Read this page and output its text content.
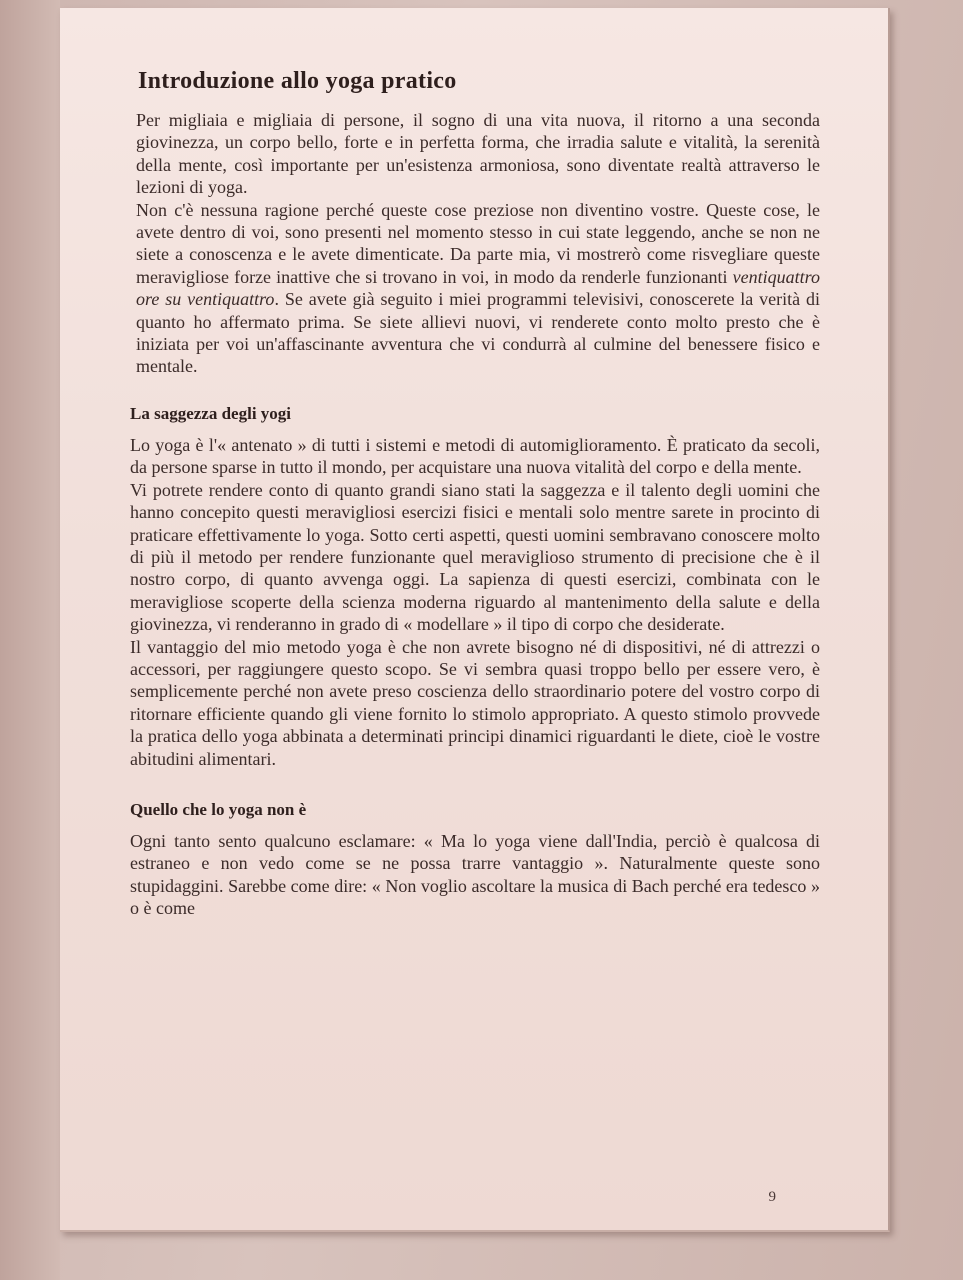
Introduzione allo yoga pratico

Per migliaia e migliaia di persone, il sogno di una vita nuova, il ritorno a una seconda giovinezza, un corpo bello, forte e in perfetta forma, che irradia salute e vitalità, la serenità della mente, così importante per un'esistenza armoniosa, sono diventate realtà attraverso le lezioni di yoga.

Non c'è nessuna ragione perché queste cose preziose non diventino vostre. Queste cose, le avete dentro di voi, sono presenti nel momento stesso in cui state leggendo, anche se non ne siete a conoscenza e le avete dimenticate. Da parte mia, vi mostrerò come risvegliare queste meravigliose forze inattive che si trovano in voi, in modo da renderle funzionanti ventiquattro ore su ventiquattro. Se avete già seguito i miei programmi televisivi, conoscerete la verità di quanto ho affermato prima. Se siete allievi nuovi, vi renderete conto molto presto che è iniziata per voi un'affascinante avventura che vi condurrà al culmine del benessere fisico e mentale.

La saggezza degli yogi

Lo yoga è l'« antenato » di tutti i sistemi e metodi di automiglioramento. È praticato da secoli, da persone sparse in tutto il mondo, per acquistare una nuova vitalità del corpo e della mente.

Vi potrete rendere conto di quanto grandi siano stati la saggezza e il talento degli uomini che hanno concepito questi meravigliosi esercizi fisici e mentali solo mentre sarete in procinto di praticare effettivamente lo yoga. Sotto certi aspetti, questi uomini sembravano conoscere molto di più il metodo per rendere funzionante quel meraviglioso strumento di precisione che è il nostro corpo, di quanto avvenga oggi. La sapienza di questi esercizi, combinata con le meravigliose scoperte della scienza moderna riguardo al mantenimento della salute e della giovinezza, vi renderanno in grado di « modellare » il tipo di corpo che desiderate.

Il vantaggio del mio metodo yoga è che non avrete bisogno né di dispositivi, né di attrezzi o accessori, per raggiungere questo scopo. Se vi sembra quasi troppo bello per essere vero, è semplicemente perché non avete preso coscienza dello straordinario potere del vostro corpo di ritornare efficiente quando gli viene fornito lo stimolo appropriato. A questo stimolo provvede la pratica dello yoga abbinata a determinati principi dinamici riguardanti le diete, cioè le vostre abitudini alimentari.

Quello che lo yoga non è

Ogni tanto sento qualcuno esclamare: « Ma lo yoga viene dall'India, perciò è qualcosa di estraneo e non vedo come se ne possa trarre vantaggio ». Naturalmente queste sono stupidaggini. Sarebbe come dire: « Non voglio ascoltare la musica di Bach perché era tedesco » o è come

9
